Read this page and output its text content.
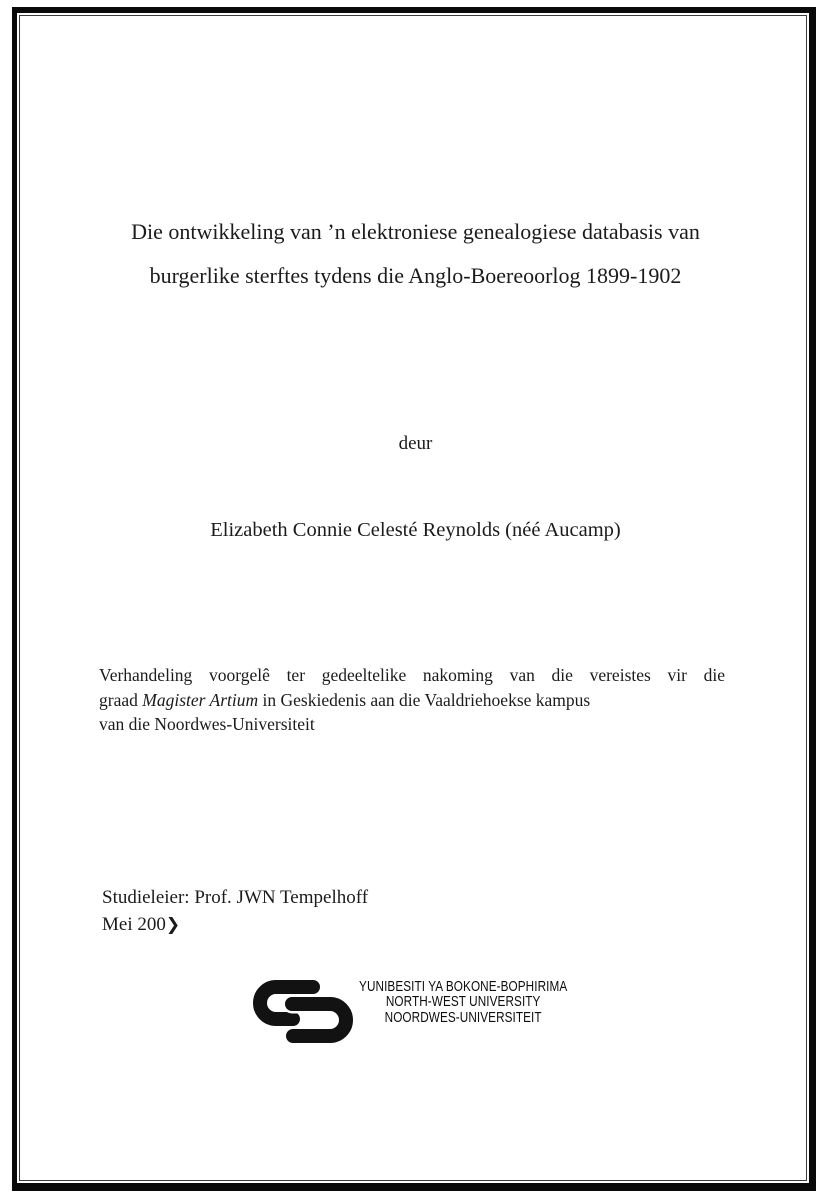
Die ontwikkeling van ’n elektroniese genealogiese databasis van
burgerlike sterftes tydens die Anglo-Boereoorlog 1899-1902
deur
Elizabeth Connie Celesté Reynolds (néé Aucamp)
Verhandeling voorgelê ter gedeeltelike nakoming van die vereistes vir die
graad Magister Artium in Geskiedenis aan die Vaaldriehoekse kampus
van die Noordwes-Universiteit
Studieleier: Prof. JWN Tempelhoff
Mei 200❯
YUNIBESITI YA BOKONE-BOPHIRIMA
NORTH-WEST UNIVERSITY
NOORDWES-UNIVERSITEIT
